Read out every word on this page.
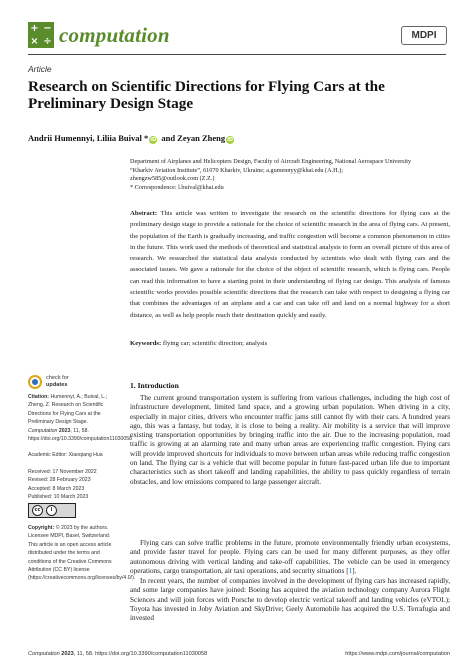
+ −
× ÷ computation	MDPI
Article
Research on Scientific Directions for Flying Cars at the Preliminary Design Stage
Andrii Humennyi, Liliia Buival * iD and Zeyan Zheng iD
Department of Airplanes and Helicopters Design, Faculty of Aircraft Engineering, National Aerospace University
“Kharkiv Aviation Institute”, 61070 Kharkiv, Ukraine; a.gumennyy@khai.edu (A.H.);
zhengzw585@outlook.com (Z.Z.)
* Correspondence: l.buival@khai.edu
Abstract: This article was written to investigate the research on the scientific directions for flying cars at the preliminary design stage to provide a rationale for the choice of scientific research in the area of flying cars. At present, the population of the Earth is gradually increasing, and traffic congestion will become a common phenomenon in cities in the future. This work used the methods of theoretical and statistical analysis to form an overall picture of this area of research. We researched the statistical data analysis conducted by scientists who dealt with flying cars and the associated issues. We gave a rationale for the choice of the object of scientific research, which is flying cars. People can read this information to have a starting point in their understanding of flying car design. This analysis of famous scientific works provides possible scientific directions that the research can take with respect to designing a flying car that combines the advantages of an airplane and a car and can take off and land on a normal highway for a short distance, as well as help people reach their destination quickly and easily.
Keywords: flying car; scientific direction; analysis
check for
updates
Citation: Humennyi, A.; Buival, L.; Zheng, Z. Research on Scientific Directions for Flying Cars at the Preliminary Design Stage. Computation 2023, 11, 58. https://doi.org/10.3390/computation11030058
Academic Editor: Xiaoqiang Hua
Received: 17 November 2022
Revised: 28 February 2023
Accepted: 8 March 2023
Published: 10 March 2023
cc	i
Copyright: © 2023 by the authors. Licensee MDPI, Basel, Switzerland. This article is an open access article distributed under the terms and conditions of the Creative Commons Attribution (CC BY) license (https://creativecommons.org/licenses/by/4.0/).
1. Introduction

The current ground transportation system is suffering from various challenges, including the high cost of infrastructure development, limited land space, and a growing urban population. When driving in a city, especially in major cities, drivers who encounter traffic jams still cannot fly with their cars. A hundred years ago, this was a fantasy, but today, it is close to being a reality. Air mobility is a service that will improve existing transportation opportunities by bringing traffic into the air. Due to the increasing population, road traffic is growing at an alarming rate and many urban areas are experiencing traffic congestion. Flying cars will provide improved shortcuts for individuals to move between urban areas while reducing traffic congestion on land. The flying car is a vehicle that will become popular in future fast-paced urban life due to important characteristics such as short takeoff and landing capabilities, the ability to pass quickly regardless of terrain obstacles, and low emissions compared to large passenger aircraft.

Flying cars can solve traffic problems in the future, promote environmentally friendly urban ecosystems, and provide faster travel for people. Flying cars can be used for many different purposes, as they offer autonomous driving with vertical landing and take-off capabilities. The vehicle can be used in emergency operations, cargo transportation, air taxi operations, and security situations [1].

In recent years, the number of companies involved in the development of flying cars has increased rapidly, and some large companies have joined: Boeing has acquired the aviation technology company Aurora Flight Sciences and will join forces with Porsche to develop electric vertical takeoff and landing vehicles (eVTOL); Toyota has invested in Joby Aviation and SkyDrive; Geely Automobile has acquired the U.S. Terrafugia and invested

Computation 2023, 11, 58. https://doi.org/10.3390/computation11030058	https://www.mdpi.com/journal/computation
